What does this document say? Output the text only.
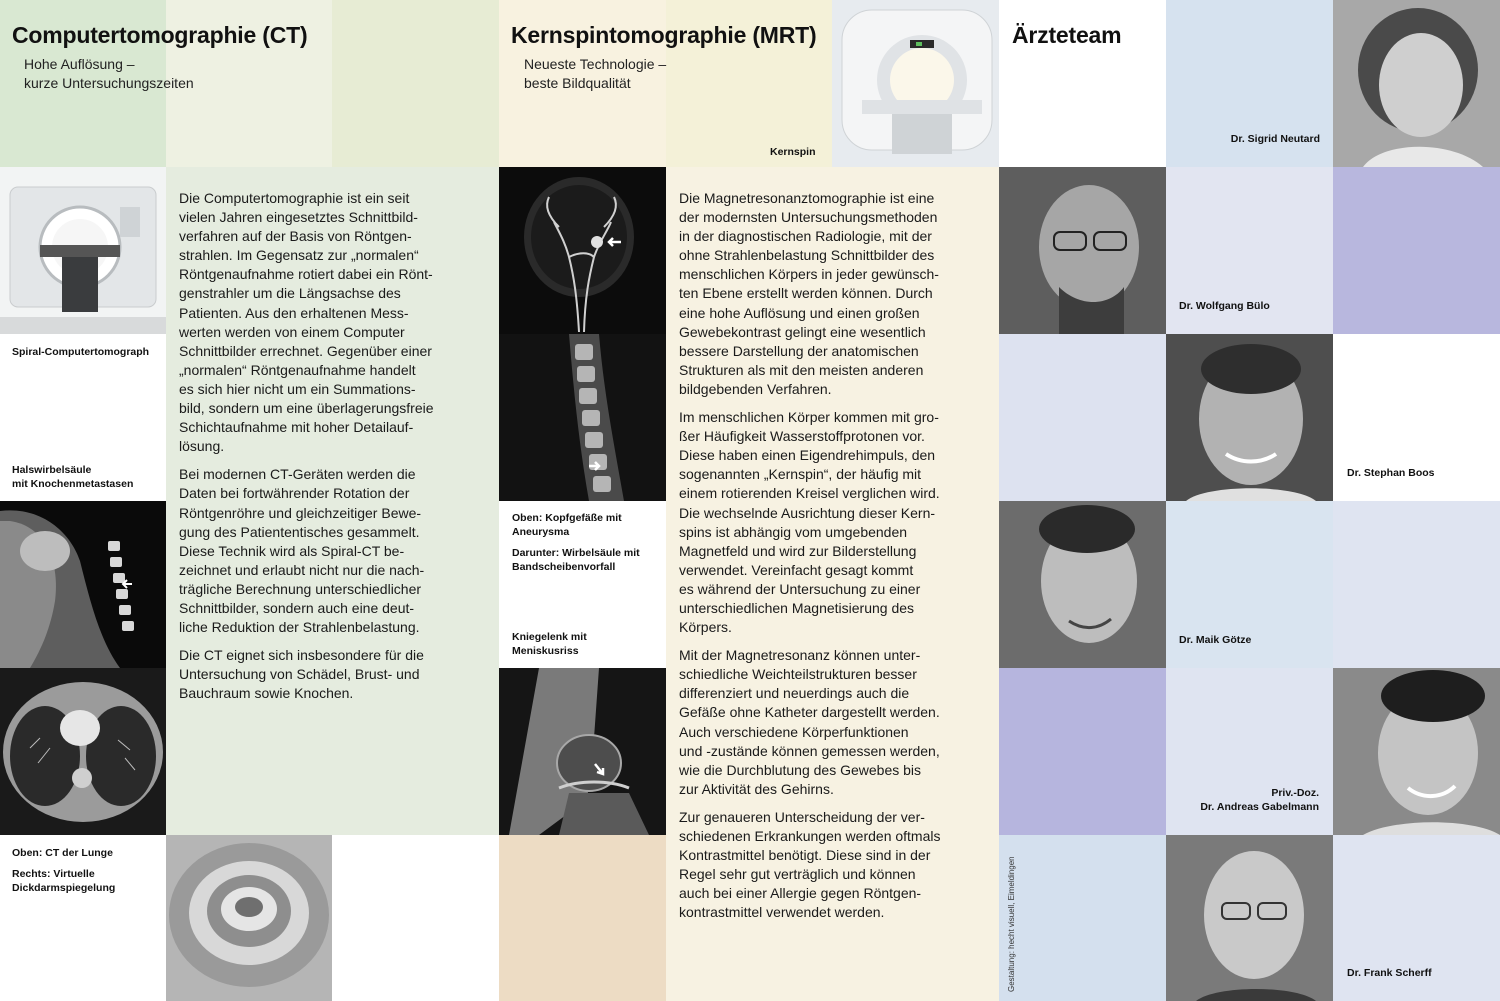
Computertomographie (CT)
Hohe Auflösung –
kurze Untersuchungszeiten
Spiral-Computertomograph
Halswirbelsäule
mit Knochenmetastasen
Oben: CT der Lunge
Rechts: Virtuelle
Dickdarmspiegelung

Die Computertomographie ist ein seit
vielen Jahren eingesetztes Schnittbild-
verfahren auf der Basis von Röntgen-
strahlen. Im Gegensatz zur „normalen“
Röntgenaufnahme rotiert dabei ein Rönt-
genstrahler um die Längsachse des
Patienten. Aus den erhaltenen Mess-
werten werden von einem Computer
Schnittbilder errechnet. Gegenüber einer
„normalen“ Röntgenaufnahme handelt
es sich hier nicht um ein Summations-
bild, sondern um eine überlagerungsfreie
Schichtaufnahme mit hoher Detailauf-
lösung.

Bei modernen CT-Geräten werden die
Daten bei fortwährender Rotation der
Röntgenröhre und gleichzeitiger Bewe-
gung des Patiententisches gesammelt.
Diese Technik wird als Spiral-CT be-
zeichnet und erlaubt nicht nur die nach-
trägliche Berechnung unterschiedlicher
Schnittbilder, sondern auch eine deut-
liche Reduktion der Strahlenbelastung.

Die CT eignet sich insbesondere für die
Untersuchung von Schädel, Brust- und
Bauchraum sowie Knochen.

Kernspintomographie (MRT)
Neueste Technologie –
beste Bildqualität
Kernspin
Oben: Kopfgefäße mit
Aneurysma
Darunter: Wirbelsäule mit
Bandscheibenvorfall
Kniegelenk mit
Meniskusriss

Die Magnetresonanztomographie ist eine
der modernsten Untersuchungsmethoden
in der diagnostischen Radiologie, mit der
ohne Strahlenbelastung Schnittbilder des
menschlichen Körpers in jeder gewünsch-
ten Ebene erstellt werden können. Durch
eine hohe Auflösung und einen großen
Gewebekontrast gelingt eine wesentlich
bessere Darstellung der anatomischen
Strukturen als mit den meisten anderen
bildgebenden Verfahren.

Im menschlichen Körper kommen mit gro-
ßer Häufigkeit Wasserstoffprotonen vor.
Diese haben einen Eigendrehimpuls, den
sogenannten „Kernspin“, der häufig mit
einem rotierenden Kreisel verglichen wird.
Die wechselnde Ausrichtung dieser Kern-
spins ist abhängig vom umgebenden
Magnetfeld und wird zur Bilderstellung
verwendet. Vereinfacht gesagt kommt
es während der Untersuchung zu einer
unterschiedlichen Magnetisierung des
Körpers.

Mit der Magnetresonanz können unter-
schiedliche Weichteilstrukturen besser
differenziert und neuerdings auch die
Gefäße ohne Katheter dargestellt werden.
Auch verschiedene Körperfunktionen
und -zustände können gemessen werden,
wie die Durchblutung des Gewebes bis
zur Aktivität des Gehirns.

Zur genaueren Unterscheidung der ver-
schiedenen Erkrankungen werden oftmals
Kontrastmittel benötigt. Diese sind in der
Regel sehr gut verträglich und können
auch bei einer Allergie gegen Röntgen-
kontrastmittel verwendet werden.

Ärzteteam
Dr. Sigrid Neutard
Dr. Wolfgang Bülo
Dr. Stephan Boos
Dr. Maik Götze
Priv.-Doz.
Dr. Andreas Gabelmann
Dr. Frank Scherff
Gestaltung: hecht visuell, Eimeldingen
